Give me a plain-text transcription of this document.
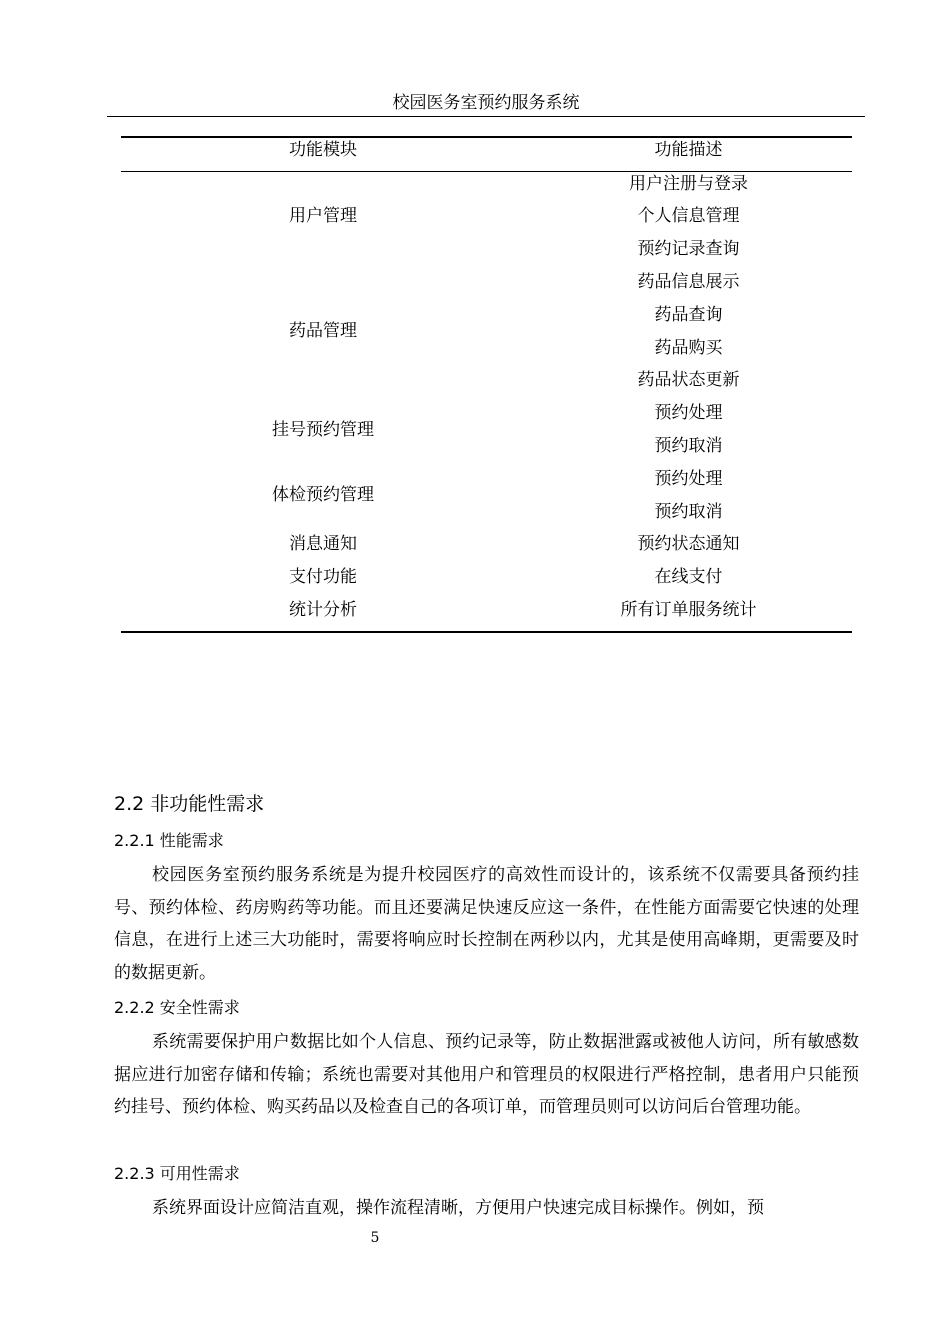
校园医务室预约服务系统
功能模块	功能描述
用户管理
药品管理
挂号预约管理
体检预约管理
消息通知
支付功能
统计分析
用户注册与登录
个人信息管理
预约记录查询
药品信息展示
药品查询
药品购买
药品状态更新
预约处理
预约取消
预约处理
预约取消
预约状态通知
在线支付
所有订单服务统计
2.2 非功能性需求
2.2.1 性能需求
校园医务室预约服务系统是为提升校园医疗的高效性而设计的，该系统不仅需要具备预约挂号、预约体检、药房购药等功能。而且还要满足快速反应这一条件，在性能方面需要它快速的处理信息，在进行上述三大功能时，需要将响应时长控制在两秒以内，尤其是使用高峰期，更需要及时的数据更新。
2.2.2 安全性需求
系统需要保护用户数据比如个人信息、预约记录等，防止数据泄露或被他人访问，所有敏感数据应进行加密存储和传输；系统也需要对其他用户和管理员的权限进行严格控制，患者用户只能预约挂号、预约体检、购买药品以及检查自己的各项订单，而管理员则可以访问后台管理功能。
2.2.3 可用性需求
系统界面设计应简洁直观，操作流程清晰，方便用户快速完成目标操作。例如，预
5
